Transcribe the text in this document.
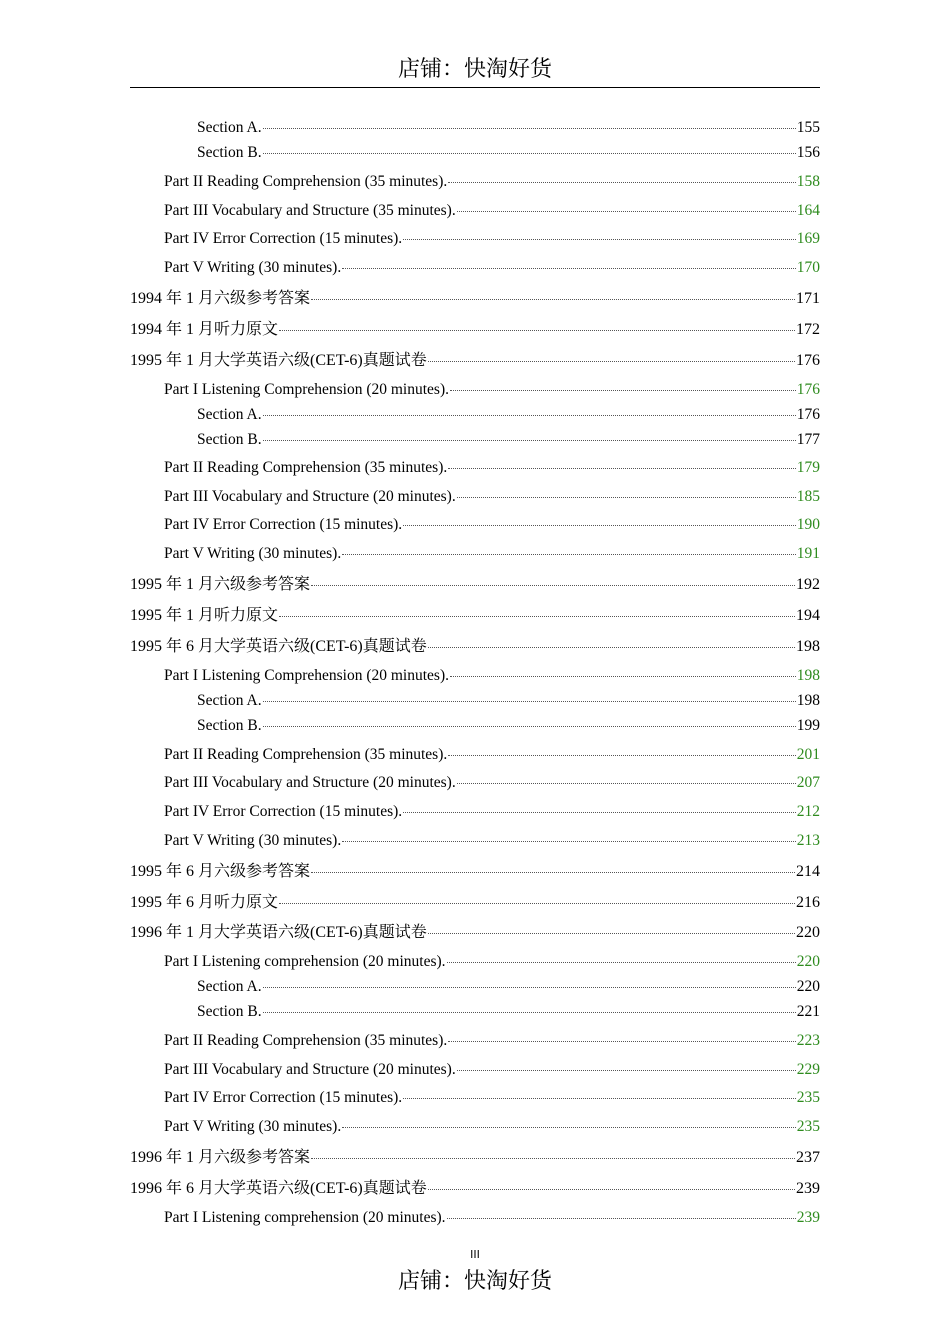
店铺：快淘好货
Section A.	155
Section B.	156
Part II Reading Comprehension (35 minutes).	158
Part III Vocabulary and Structure (35 minutes).	164
Part IV Error Correction (15 minutes).	169
Part V Writing (30 minutes).	170
1994 年 1 月六级参考答案	171
1994 年 1 月听力原文	172
1995 年 1 月大学英语六级(CET-6)真题试卷	176
Part I Listening Comprehension (20 minutes).	176
Section A.	176
Section B.	177
Part II Reading Comprehension (35 minutes).	179
Part III Vocabulary and Structure (20 minutes).	185
Part IV Error Correction (15 minutes).	190
Part V Writing (30 minutes).	191
1995 年 1 月六级参考答案	192
1995 年 1 月听力原文	194
1995 年 6 月大学英语六级(CET-6)真题试卷	198
Part I Listening Comprehension (20 minutes).	198
Section A.	198
Section B.	199
Part II Reading Comprehension (35 minutes).	201
Part III Vocabulary and Structure (20 minutes).	207
Part IV Error Correction (15 minutes).	212
Part V Writing (30 minutes).	213
1995 年 6 月六级参考答案	214
1995 年 6 月听力原文	216
1996 年 1 月大学英语六级(CET-6)真题试卷	220
Part I Listening comprehension (20 minutes).	220
Section A.	220
Section B.	221
Part II Reading Comprehension (35 minutes).	223
Part III Vocabulary and Structure (20 minutes).	229
Part IV Error Correction (15 minutes).	235
Part V Writing (30 minutes).	235
1996 年 1 月六级参考答案	237
1996 年 6 月大学英语六级(CET-6)真题试卷	239
Part I Listening comprehension (20 minutes).	239
III
店铺：快淘好货
